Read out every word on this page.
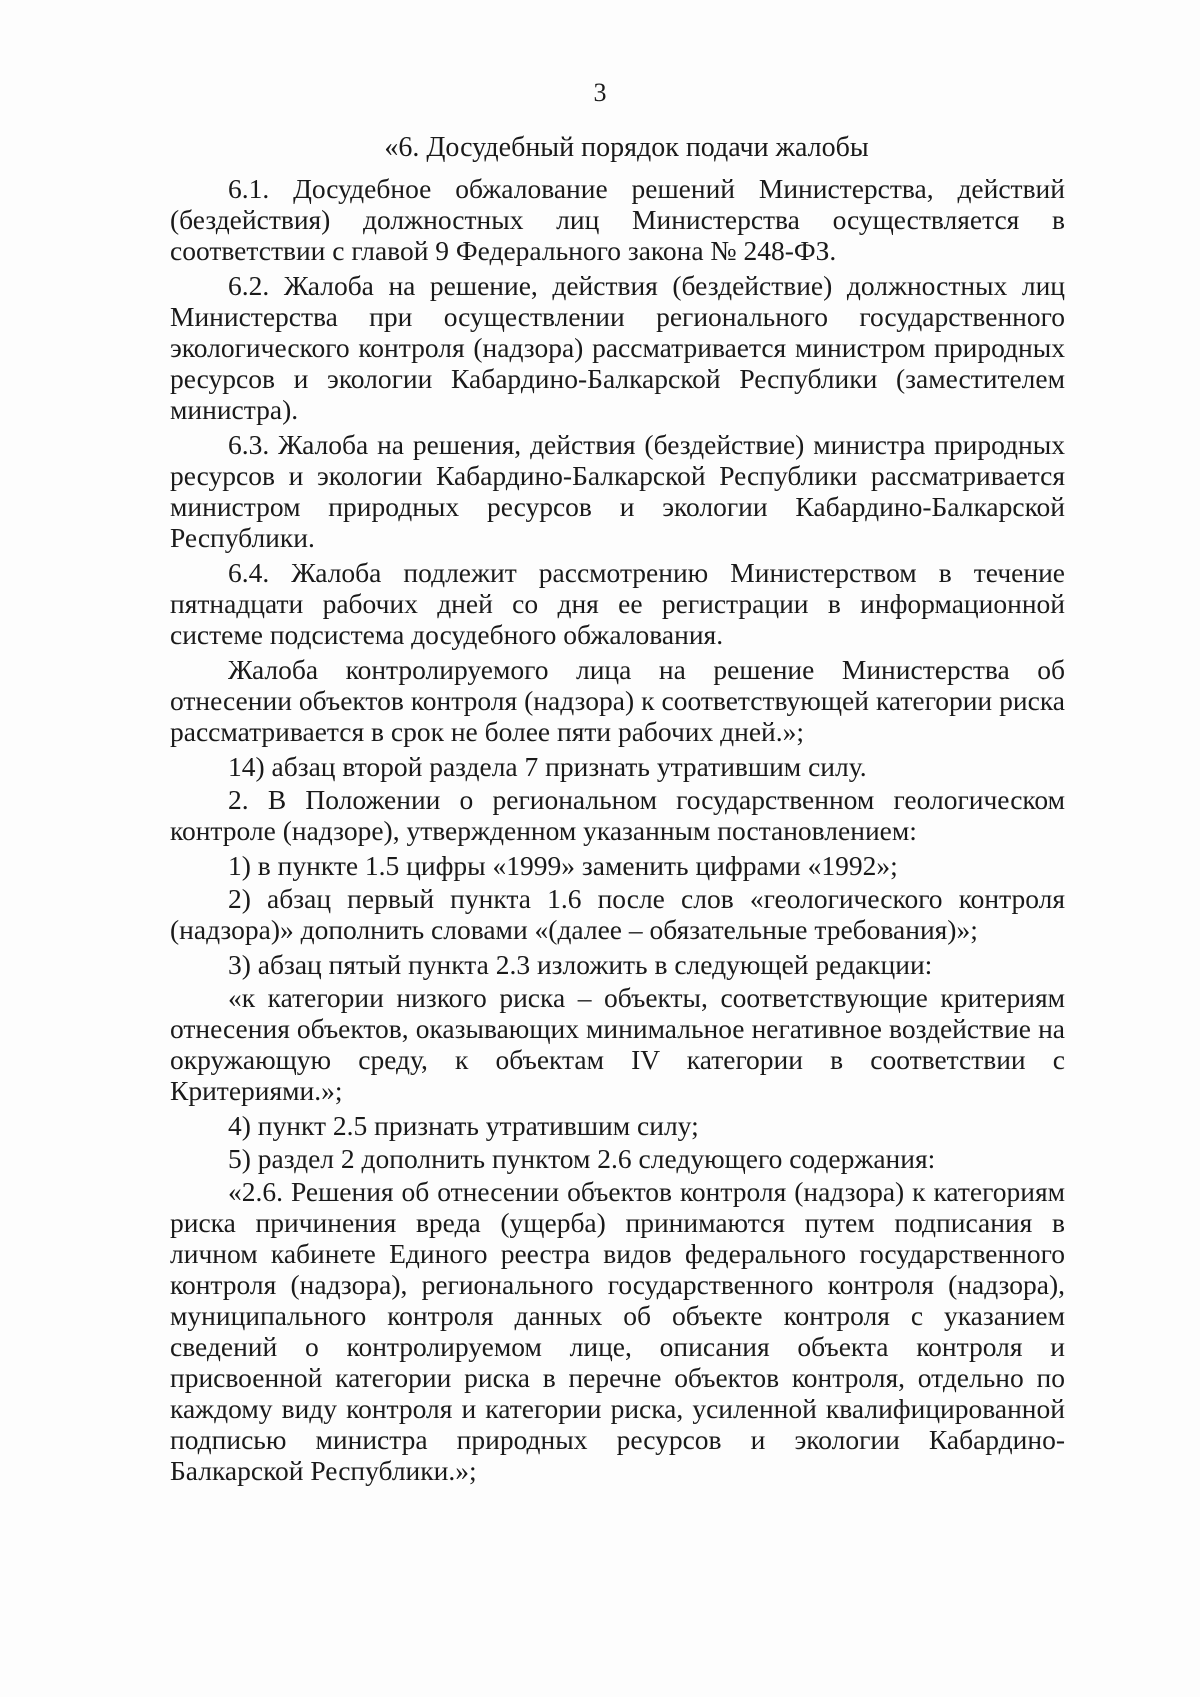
3
«6. Досудебный порядок подачи жалобы

6.1. Досудебное обжалование решений Министерства, действий (бездействия) должностных лиц Министерства осуществляется в соответствии с главой 9 Федерального закона № 248-ФЗ.

6.2. Жалоба на решение, действия (бездействие) должностных лиц Министерства при осуществлении регионального государственного экологического контроля (надзора) рассматривается министром природных ресурсов и экологии Кабардино-Балкарской Республики (заместителем министра).

6.3. Жалоба на решения, действия (бездействие) министра природных ресурсов и экологии Кабардино-Балкарской Республики рассматривается министром природных ресурсов и экологии Кабардино-Балкарской Республики.

6.4. Жалоба подлежит рассмотрению Министерством в течение пятнадцати рабочих дней со дня ее регистрации в информационной системе подсистема досудебного обжалования.

Жалоба контролируемого лица на решение Министерства об отнесении объектов контроля (надзора) к соответствующей категории риска рассматривается в срок не более пяти рабочих дней.»;

14) абзац второй раздела 7 признать утратившим силу.

2. В Положении о региональном государственном геологическом контроле (надзоре), утвержденном указанным постановлением:

1) в пункте 1.5 цифры «1999» заменить цифрами «1992»;

2) абзац первый пункта 1.6 после слов «геологического контроля (надзора)» дополнить словами «(далее – обязательные требования)»;

3) абзац пятый пункта 2.3 изложить в следующей редакции:

«к категории низкого риска – объекты, соответствующие критериям отнесения объектов, оказывающих минимальное негативное воздействие на окружающую среду, к объектам IV категории в соответствии с Критериями.»;

4) пункт 2.5 признать утратившим силу;

5) раздел 2 дополнить пунктом 2.6 следующего содержания:

«2.6. Решения об отнесении объектов контроля (надзора) к категориям риска причинения вреда (ущерба) принимаются путем подписания в личном кабинете Единого реестра видов федерального государственного контроля (надзора), регионального государственного контроля (надзора), муниципального контроля данных об объекте контроля с указанием сведений о контролируемом лице, описания объекта контроля и присвоенной категории риска в перечне объектов контроля, отдельно по каждому виду контроля и категории риска, усиленной квалифицированной подписью министра природных ресурсов и экологии Кабардино-Балкарской Республики.»;
